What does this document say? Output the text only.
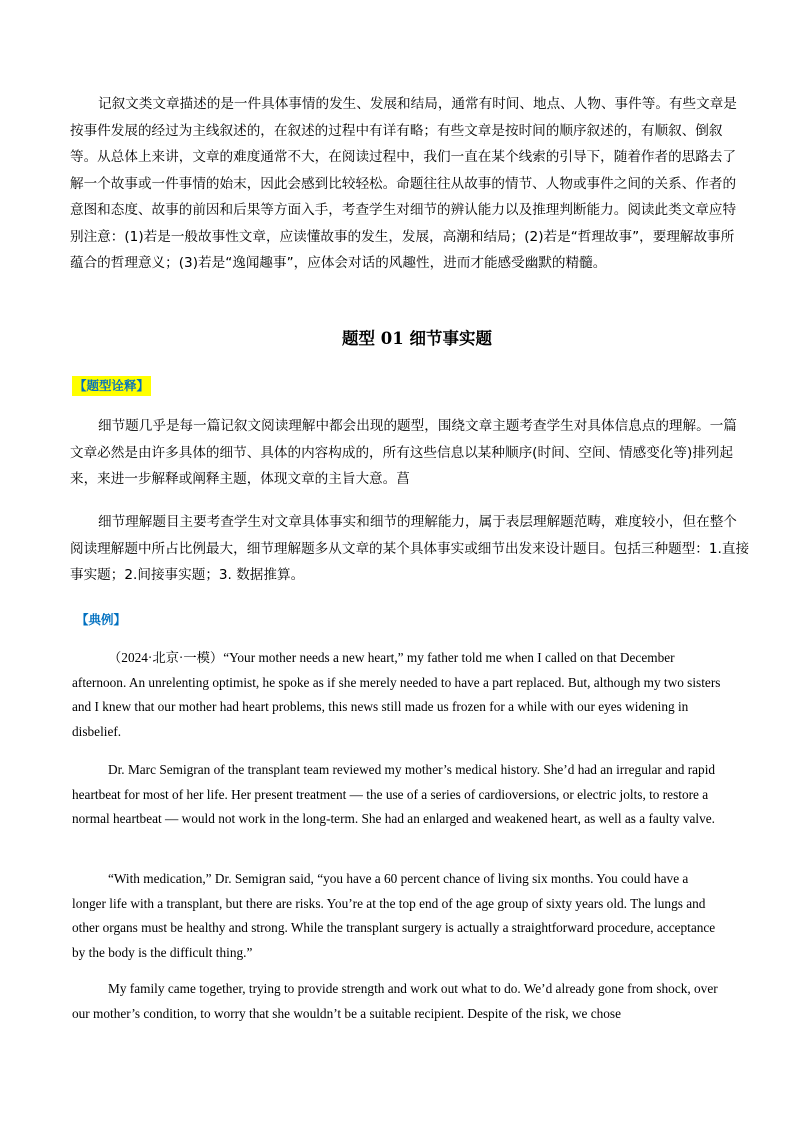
记叙文类文章描述的是一件具体事情的发生、发展和结局，通常有时间、地点、人物、事件等。有些文章是按事件发展的经过为主线叙述的，在叙述的过程中有详有略；有些文章是按时间的顺序叙述的，有顺叙、倒叙等。从总体上来讲，文章的难度通常不大，在阅读过程中，我们一直在某个线索的引导下，随着作者的思路去了解一个故事或一件事情的始末，因此会感到比较轻松。命题往往从故事的情节、人物或事件之间的关系、作者的意图和态度、故事的前因和后果等方面入手，考查学生对细节的辨认能力以及推理判断能力。阅读此类文章应特别注意：(1)若是一般故事性文章，应读懂故事的发生，发展，高潮和结局；(2)若是“哲理故事”，要理解故事所蕴合的哲理意义；(3)若是“逸闻趣事”，应体会对话的风趣性，进而才能感受幽默的精髓。

题型 01 细节事实题
【题型诠释】

细节题几乎是每一篇记叙文阅读理解中都会出现的题型，围绕文章主题考查学生对具体信息点的理解。一篇文章必然是由许多具体的细节、具体的内容构成的，所有这些信息以某种顺序(时间、空间、情感变化等)排列起来，来进一步解释或阐释主题，体现文章的主旨大意。菖

细节理解题目主要考查学生对文章具体事实和细节的理解能力，属于表层理解题范畴，难度较小，但在整个阅读理解题中所占比例最大，细节理解题多从文章的某个具体事实或细节出发来设计题目。包括三种题型：1.直接事实题；2.间接事实题；3. 数据推算。

【典例】

（2024·北京·一模）“Your mother needs a new heart,” my father told me when I called on that December afternoon. An unrelenting optimist, he spoke as if she merely needed to have a part replaced. But, although my two sisters and I knew that our mother had heart problems, this news still made us frozen for a while with our eyes widening in disbelief.

Dr. Marc Semigran of the transplant team reviewed my mother’s medical history. She’d had an irregular and rapid heartbeat for most of her life. Her present treatment — the use of a series of cardioversions, or electric jolts, to restore a normal heartbeat — would not work in the long-term. She had an enlarged and weakened heart, as well as a faulty valve.

“With medication,” Dr. Semigran said, “you have a 60 percent chance of living six months. You could have a longer life with a transplant, but there are risks. You’re at the top end of the age group of sixty years old. The lungs and other organs must be healthy and strong. While the transplant surgery is actually a straightforward procedure, acceptance by the body is the difficult thing.”

My family came together, trying to provide strength and work out what to do. We’d already gone from shock, over our mother’s condition, to worry that she wouldn’t be a suitable recipient. Despite of the risk, we chose
